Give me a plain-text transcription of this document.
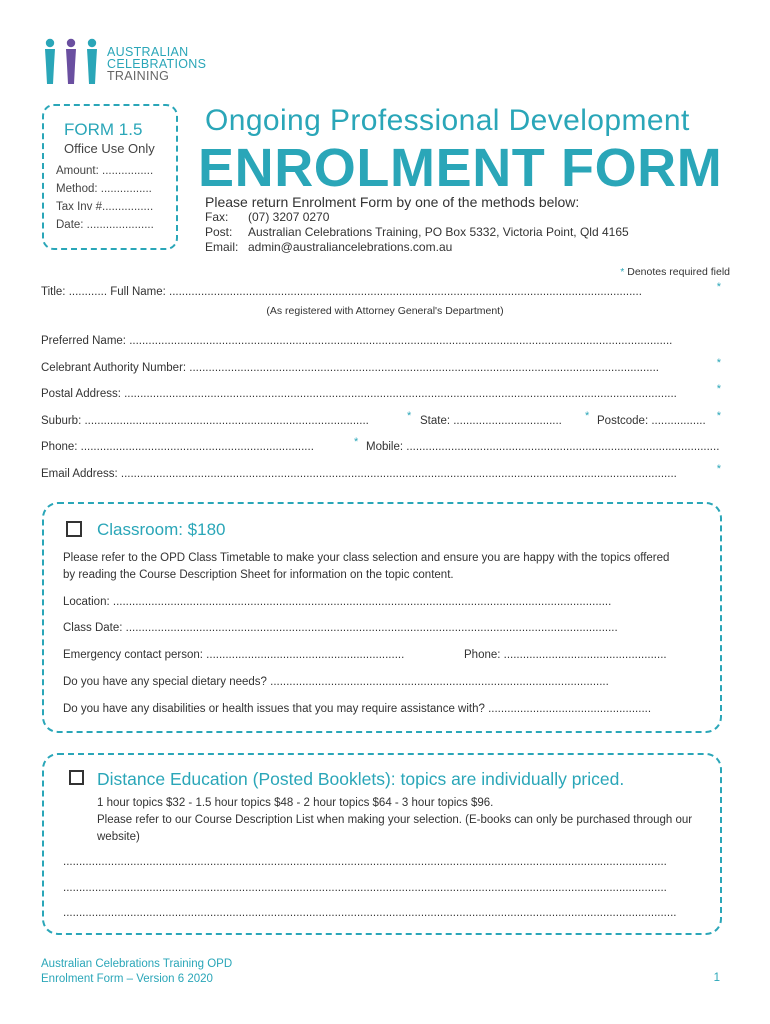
AUSTRALIAN
CELEBRATIONS
TRAINING
FORM 1.5
Office Use Only
Amount: ................
Method: ................
Tax Inv #................
Date: .....................
Ongoing Professional Development
ENROLMENT FORM
Please return Enrolment Form by one of the methods below:
Fax: (07) 3207 0270
Post: Australian Celebrations Training, PO Box 5332, Victoria Point, Qld 4165
Email: admin@australiancelebrations.com.au
* Denotes required field
Title: ............ Full Name: ....................................................................................................................................................	*
(As registered with Attorney General's Department)
Preferred Name: ..........................................................................................................................................................................
Celebrant Authority Number: ...................................................................................................................................................	*
Postal Address: .............................................................................................................................................................................	*
Suburb: .........................................................................................	* State: .................................. * Postcode: ................. *
Phone: .........................................................................	* Mobile: ..................................................................................................
Email Address: ..............................................................................................................................................................................	*
Classroom: $180
Please refer to the OPD Class Timetable to make your class selection and ensure you are happy with the topics offered by reading the Course Description Sheet for information on the topic content.
Location: ............................................................................................................................................................
Class Date: ..........................................................................................................................................................
Emergency contact person: ..............................................................	Phone: ...................................................
Do you have any special dietary needs? ..........................................................................................................
Do you have any disabilities or health issues that you may require assistance with? ...................................................
Distance Education (Posted Booklets): topics are individually priced.
1 hour topics $32 - 1.5 hour topics $48 - 2 hour topics $64 - 3 hour topics $96.
Please refer to our Course Description List when making your selection. (E-books can only be purchased through our website)
.............................................................................................................................................................................................
.............................................................................................................................................................................................
................................................................................................................................................................................................
Australian Celebrations Training OPD
Enrolment Form – Version 6 2020	1
